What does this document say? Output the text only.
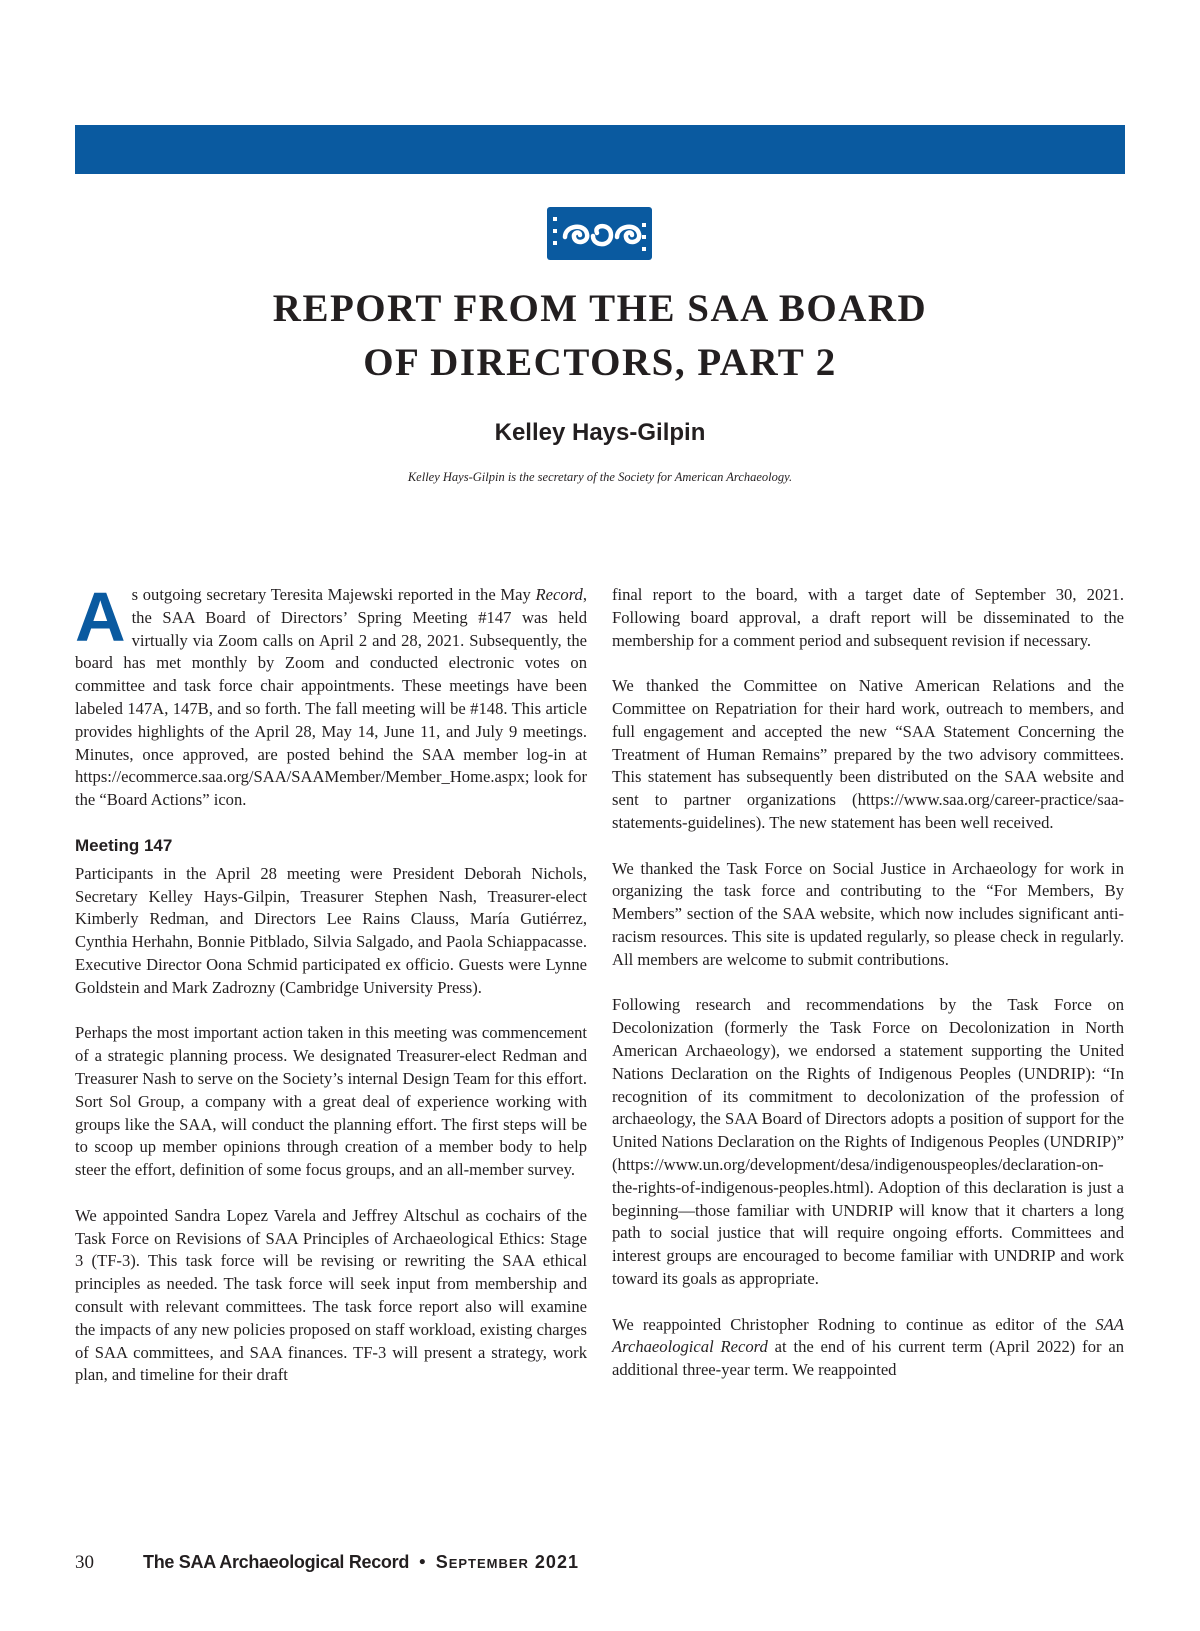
REPORT FROM THE SAA BOARD
OF DIRECTORS, PART 2
Kelley Hays-Gilpin
Kelley Hays-Gilpin is the secretary of the Society for American Archaeology.

As outgoing secretary Teresita Majewski reported in the May Record, the SAA Board of Directors’ Spring Meeting #147 was held virtually via Zoom calls on April 2 and 28, 2021. Subsequently, the board has met monthly by Zoom and conducted electronic votes on committee and task force chair appointments. These meetings have been labeled 147A, 147B, and so forth. The fall meeting will be #148. This article provides highlights of the April 28, May 14, June 11, and July 9 meetings. Minutes, once approved, are posted behind the SAA member log-in at https://ecommerce.saa.org/SAA/SAAMember/Member_Home.aspx; look for the “Board Actions” icon.

Meeting 147

Participants in the April 28 meeting were President Deborah Nichols, Secretary Kelley Hays-Gilpin, Treasurer Stephen Nash, Treasurer-elect Kimberly Redman, and Directors Lee Rains Clauss, María Gutiérrez, Cynthia Herhahn, Bonnie Pitblado, Silvia Salgado, and Paola Schiappacasse. Executive Director Oona Schmid participated ex officio. Guests were Lynne Goldstein and Mark Zadrozny (Cambridge University Press).

Perhaps the most important action taken in this meeting was commencement of a strategic planning process. We designated Treasurer-elect Redman and Treasurer Nash to serve on the Society’s internal Design Team for this effort. Sort Sol Group, a company with a great deal of experience working with groups like the SAA, will conduct the planning effort. The first steps will be to scoop up member opinions through creation of a member body to help steer the effort, definition of some focus groups, and an all-member survey.

We appointed Sandra Lopez Varela and Jeffrey Altschul as cochairs of the Task Force on Revisions of SAA Principles of Archaeological Ethics: Stage 3 (TF-3). This task force will be revising or rewriting the SAA ethical principles as needed. The task force will seek input from membership and consult with relevant committees. The task force report also will examine the impacts of any new policies proposed on staff workload, existing charges of SAA committees, and SAA finances. TF-3 will present a strategy, work plan, and timeline for their draft

final report to the board, with a target date of September 30, 2021. Following board approval, a draft report will be disseminated to the membership for a comment period and subsequent revision if necessary.

We thanked the Committee on Native American Relations and the Committee on Repatriation for their hard work, outreach to members, and full engagement and accepted the new “SAA Statement Concerning the Treatment of Human Remains” prepared by the two advisory committees. This statement has subsequently been distributed on the SAA website and sent to partner organizations (https://www.saa.org/career-practice/saa-statements-guidelines). The new statement has been well received.

We thanked the Task Force on Social Justice in Archaeology for work in organizing the task force and contributing to the “For Members, By Members” section of the SAA website, which now includes significant anti-racism resources. This site is updated regularly, so please check in regularly. All members are welcome to submit contributions.

Following research and recommendations by the Task Force on Decolonization (formerly the Task Force on Decolonization in North American Archaeology), we endorsed a statement supporting the United Nations Declaration on the Rights of Indigenous Peoples (UNDRIP): “In recognition of its commitment to decolonization of the profession of archaeology, the SAA Board of Directors adopts a position of support for the United Nations Declaration on the Rights of Indigenous Peoples (UNDRIP)” (https://www.un.org/development/desa/indigenouspeoples/declaration-on-the-rights-of-indigenous-peoples.html). Adoption of this declaration is just a beginning—those familiar with UNDRIP will know that it charters a long path to social justice that will require ongoing efforts. Committees and interest groups are encouraged to become familiar with UNDRIP and work toward its goals as appropriate.

We reappointed Christopher Rodning to continue as editor of the SAA Archaeological Record at the end of his current term (April 2022) for an additional three-year term. We reappointed

30	The SAA Archaeological Record • September 2021
